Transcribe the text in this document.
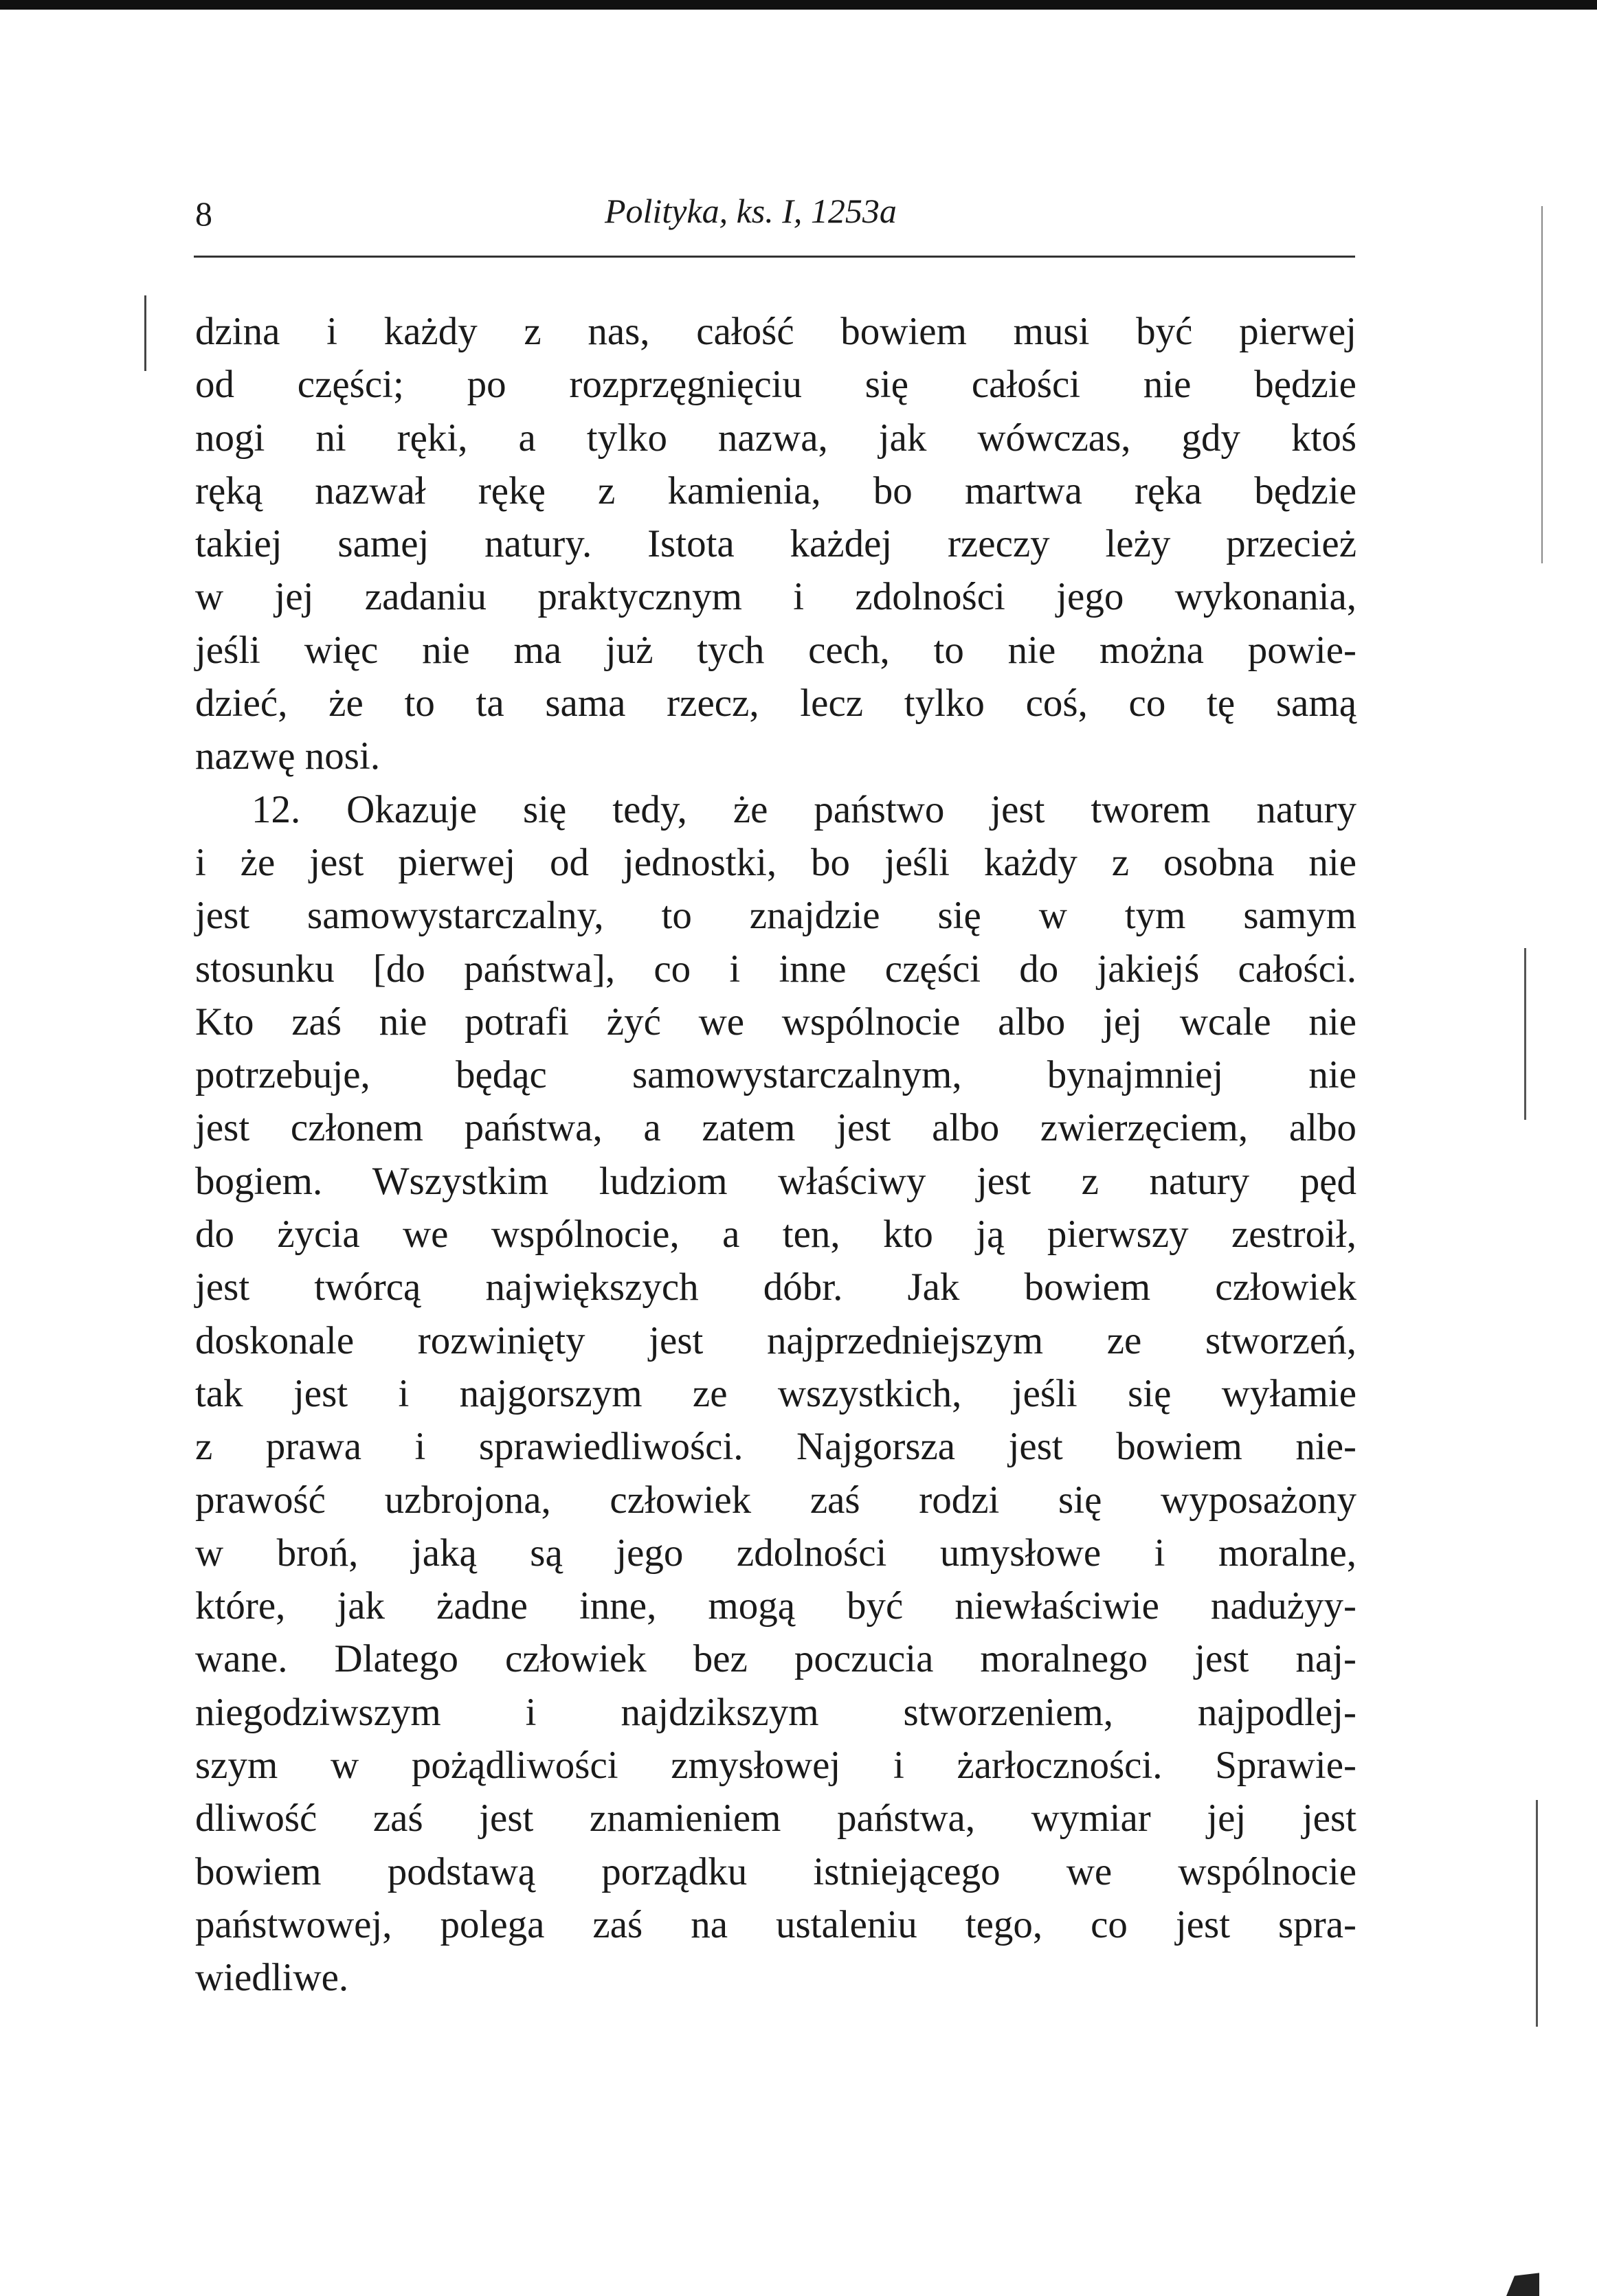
8	Polityka, ks. I, 1253a
dzina i każdy z nas, całość bowiem musi być pierwej
od części; po rozprzęgnięciu się całości nie będzie
nogi ni ręki, a tylko nazwa, jak wówczas, gdy ktoś
ręką nazwał rękę z kamienia, bo martwa ręka będzie
takiej samej natury. Istota każdej rzeczy leży przecież
w jej zadaniu praktycznym i zdolności jego wykonania,
jeśli więc nie ma już tych cech, to nie można powie-
dzieć, że to ta sama rzecz, lecz tylko coś, co tę samą
nazwę nosi.
12. Okazuje się tedy, że państwo jest tworem natury
i że jest pierwej od jednostki, bo jeśli każdy z osobna nie
jest samowystarczalny, to znajdzie się w tym samym
stosunku [do państwa], co i inne części do jakiejś całości.
Kto zaś nie potrafi żyć we wspólnocie albo jej wcale nie
potrzebuje, będąc samowystarczalnym, bynajmniej nie
jest członem państwa, a zatem jest albo zwierzęciem, albo
bogiem. Wszystkim ludziom właściwy jest z natury pęd
do życia we wspólnocie, a ten, kto ją pierwszy zestroił,
jest twórcą największych dóbr. Jak bowiem człowiek
doskonale rozwinięty jest najprzedniejszym ze stworzeń,
tak jest i najgorszym ze wszystkich, jeśli się wyłamie
z prawa i sprawiedliwości. Najgorsza jest bowiem nie-
prawość uzbrojona, człowiek zaś rodzi się wyposażony
w broń, jaką są jego zdolności umysłowe i moralne,
które, jak żadne inne, mogą być niewłaściwie nadużyy-
wane. Dlatego człowiek bez poczucia moralnego jest naj-
niegodziwszym i najdzikszym stworzeniem, najpodlej-
szym w pożądliwości zmysłowej i żarłoczności. Sprawie-
dliwość zaś jest znamieniem państwa, wymiar jej jest
bowiem podstawą porządku istniejącego we wspólnocie
państwowej, polega zaś na ustaleniu tego, co jest spra-
wiedliwe.
